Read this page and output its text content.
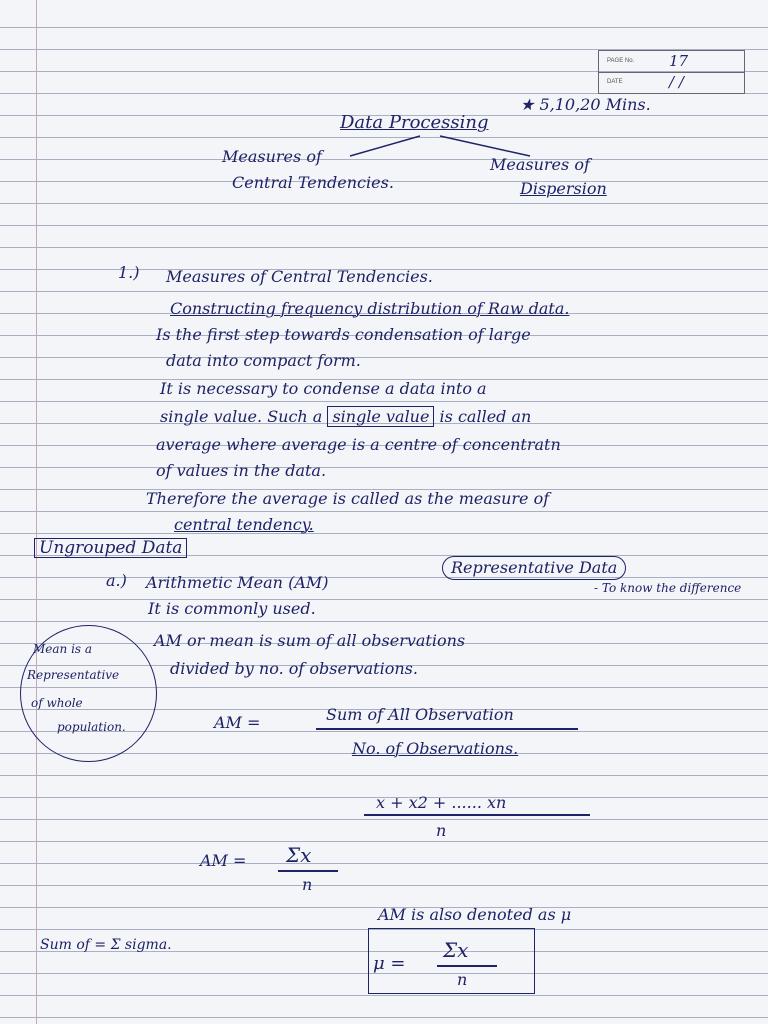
PAGE No. 17
DATE	/ /
★ 5,10,20 Mins.
Data Processing
Measures of
Central Tendencies.
Measures of
Dispersion
1.) Measures of Central Tendencies.
Constructing frequency distribution of Raw data.
Is the first step towards condensation of large
data into compact form.
It is necessary to condense a data into a
single value. Such a single value is called an
average where average is a centre of concentratn
of values in the data.
Therefore the average is called as the measure of
central tendency.
Ungrouped Data
Representative Data
- To know the difference
a.) Arithmetic Mean (AM)
It is commonly used.
AM or mean is sum of all observations
divided by no. of observations.
Mean is a
Representative
of whole
population.	AM =	Sum of All Observation
No. of Observations.
x + x2 + ...... xn
n
AM = Σx
n
AM is also denoted as μ
Sum of = Σ sigma.
μ =
Σx
n
